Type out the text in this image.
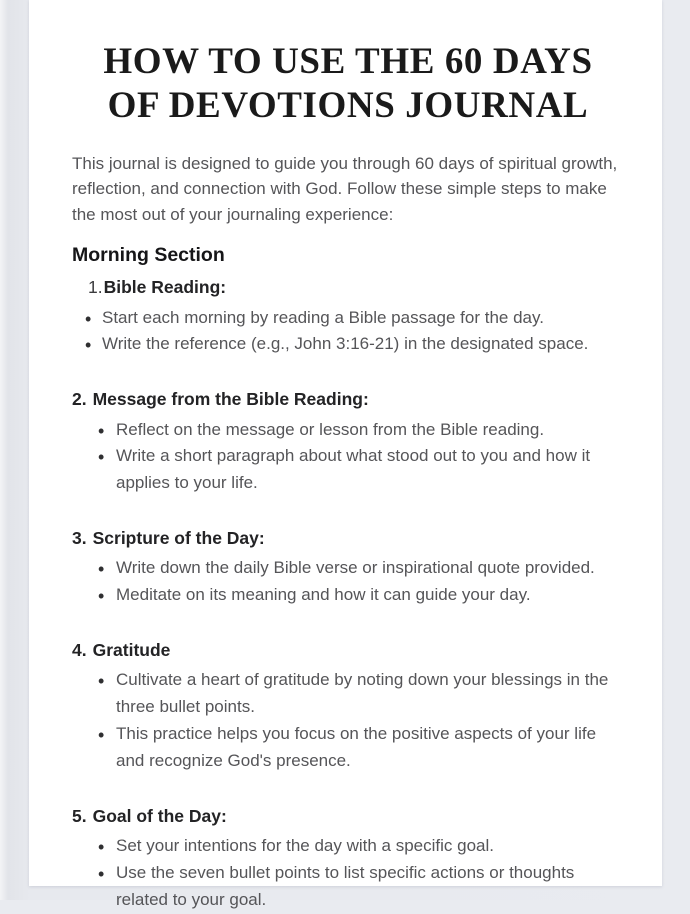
HOW TO USE THE 60 DAYS
OF DEVOTIONS JOURNAL

This journal is designed to guide you through 60 days of spiritual growth, reflection, and connection with God. Follow these simple steps to make the most out of your journaling experience:

Morning Section
1.Bible Reading:
• Start each morning by reading a Bible passage for the day.
• Write the reference (e.g., John 3:16-21) in the designated space.
2. Message from the Bible Reading:
• Reflect on the message or lesson from the Bible reading.
• Write a short paragraph about what stood out to you and how it applies to your life.
3. Scripture of the Day:
• Write down the daily Bible verse or inspirational quote provided.
• Meditate on its meaning and how it can guide your day.
4. Gratitude
• Cultivate a heart of gratitude by noting down your blessings in the three bullet points.
• This practice helps you focus on the positive aspects of your life and recognize God's presence.
5. Goal of the Day:
• Set your intentions for the day with a specific goal.
• Use the seven bullet points to list specific actions or thoughts related to your goal.
